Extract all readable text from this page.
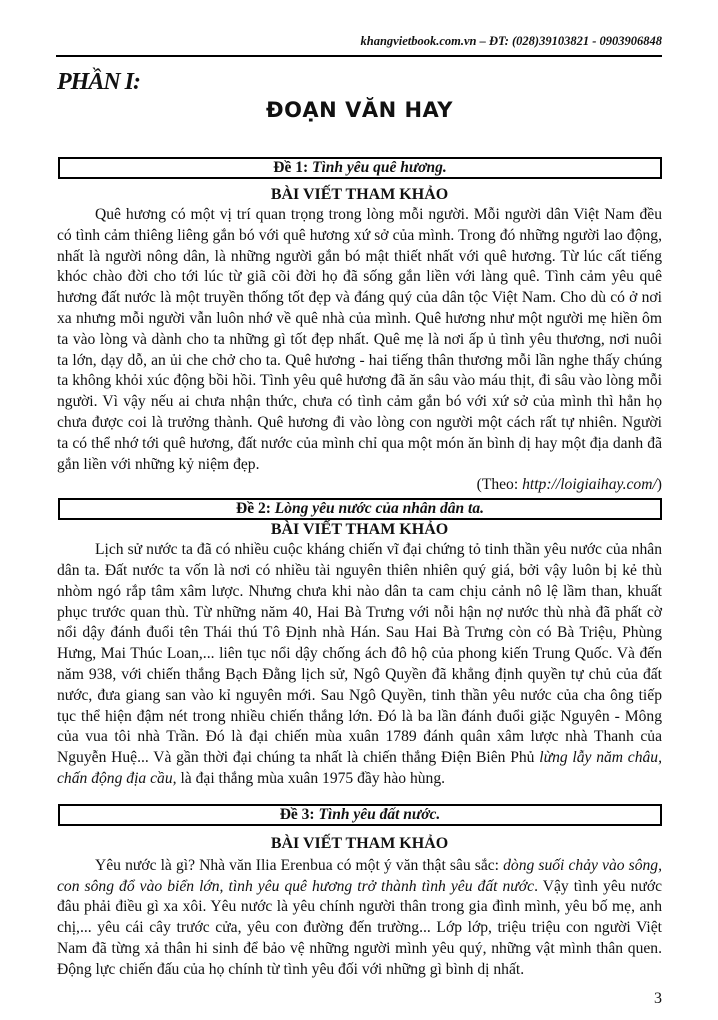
khangvietbook.com.vn – ĐT: (028)39103821 - 0903906848
PHẦN I:
ĐOẠN VĂN HAY
Đề 1: Tình yêu quê hương.
BÀI VIẾT THAM KHẢO
Quê hương có một vị trí quan trọng trong lòng mỗi người. Mỗi người dân Việt Nam đều có tình cảm thiêng liêng gắn bó với quê hương xứ sở của mình. Trong đó những người lao động, nhất là người nông dân, là những người gắn bó mật thiết nhất với quê hương. Từ lúc cất tiếng khóc chào đời cho tới lúc từ giã cõi đời họ đã sống gắn liền với làng quê. Tình cảm yêu quê hương đất nước là một truyền thống tốt đẹp và đáng quý của dân tộc Việt Nam. Cho dù có ở nơi xa nhưng mỗi người vẫn luôn nhớ về quê nhà của mình. Quê hương như một người mẹ hiền ôm ta vào lòng và dành cho ta những gì tốt đẹp nhất. Quê mẹ là nơi ấp ủ tình yêu thương, nơi nuôi ta lớn, dạy dỗ, an ủi che chở cho ta. Quê hương - hai tiếng thân thương mỗi lần nghe thấy chúng ta không khỏi xúc động bồi hồi. Tình yêu quê hương đã ăn sâu vào máu thịt, đi sâu vào lòng mỗi người. Vì vậy nếu ai chưa nhận thức, chưa có tình cảm gắn bó với xứ sở của mình thì hẳn họ chưa được coi là trưởng thành. Quê hương đi vào lòng con người một cách rất tự nhiên. Người ta có thể nhớ tới quê hương, đất nước của mình chỉ qua một món ăn bình dị hay một địa danh đã gắn liền với những kỷ niệm đẹp.
(Theo: http://loigiaihay.com/)
Đề 2: Lòng yêu nước của nhân dân ta.
BÀI VIẾT THAM KHẢO
Lịch sử nước ta đã có nhiều cuộc kháng chiến vĩ đại chứng tỏ tinh thần yêu nước của nhân dân ta. Đất nước ta vốn là nơi có nhiều tài nguyên thiên nhiên quý giá, bởi vậy luôn bị kẻ thù nhòm ngó rắp tâm xâm lược. Nhưng chưa khi nào dân ta cam chịu cảnh nô lệ lầm than, khuất phục trước quan thù. Từ những năm 40, Hai Bà Trưng với nỗi hận nợ nước thù nhà đã phất cờ nổi dậy đánh đuổi tên Thái thú Tô Định nhà Hán. Sau Hai Bà Trưng còn có Bà Triệu, Phùng Hưng, Mai Thúc Loan,... liên tục nổi dậy chống ách đô hộ của phong kiến Trung Quốc. Và đến năm 938, với chiến thắng Bạch Đằng lịch sử, Ngô Quyền đã khẳng định quyền tự chủ của đất nước, đưa giang san vào kỉ nguyên mới. Sau Ngô Quyền, tinh thần yêu nước của cha ông tiếp tục thể hiện đậm nét trong nhiều chiến thắng lớn. Đó là ba lần đánh đuổi giặc Nguyên - Mông của vua tôi nhà Trần. Đó là đại chiến mùa xuân 1789 đánh quân xâm lược nhà Thanh của Nguyễn Huệ... Và gần thời đại chúng ta nhất là chiến thắng Điện Biên Phủ lừng lẫy năm châu, chấn động địa cầu, là đại thắng mùa xuân 1975 đầy hào hùng.
Đề 3: Tình yêu đất nước.
BÀI VIẾT THAM KHẢO
Yêu nước là gì? Nhà văn Ilia Erenbua có một ý văn thật sâu sắc: dòng suối chảy vào sông, con sông đổ vào biển lớn, tình yêu quê hương trở thành tình yêu đất nước. Vậy tình yêu nước đâu phải điều gì xa xôi. Yêu nước là yêu chính người thân trong gia đình mình, yêu bố mẹ, anh chị,... yêu cái cây trước cửa, yêu con đường đến trường... Lớp lớp, triệu triệu con người Việt Nam đã từng xả thân hi sinh để bảo vệ những người mình yêu quý, những vật mình thân quen. Động lực chiến đấu của họ chính từ tình yêu đối với những gì bình dị nhất.
3
